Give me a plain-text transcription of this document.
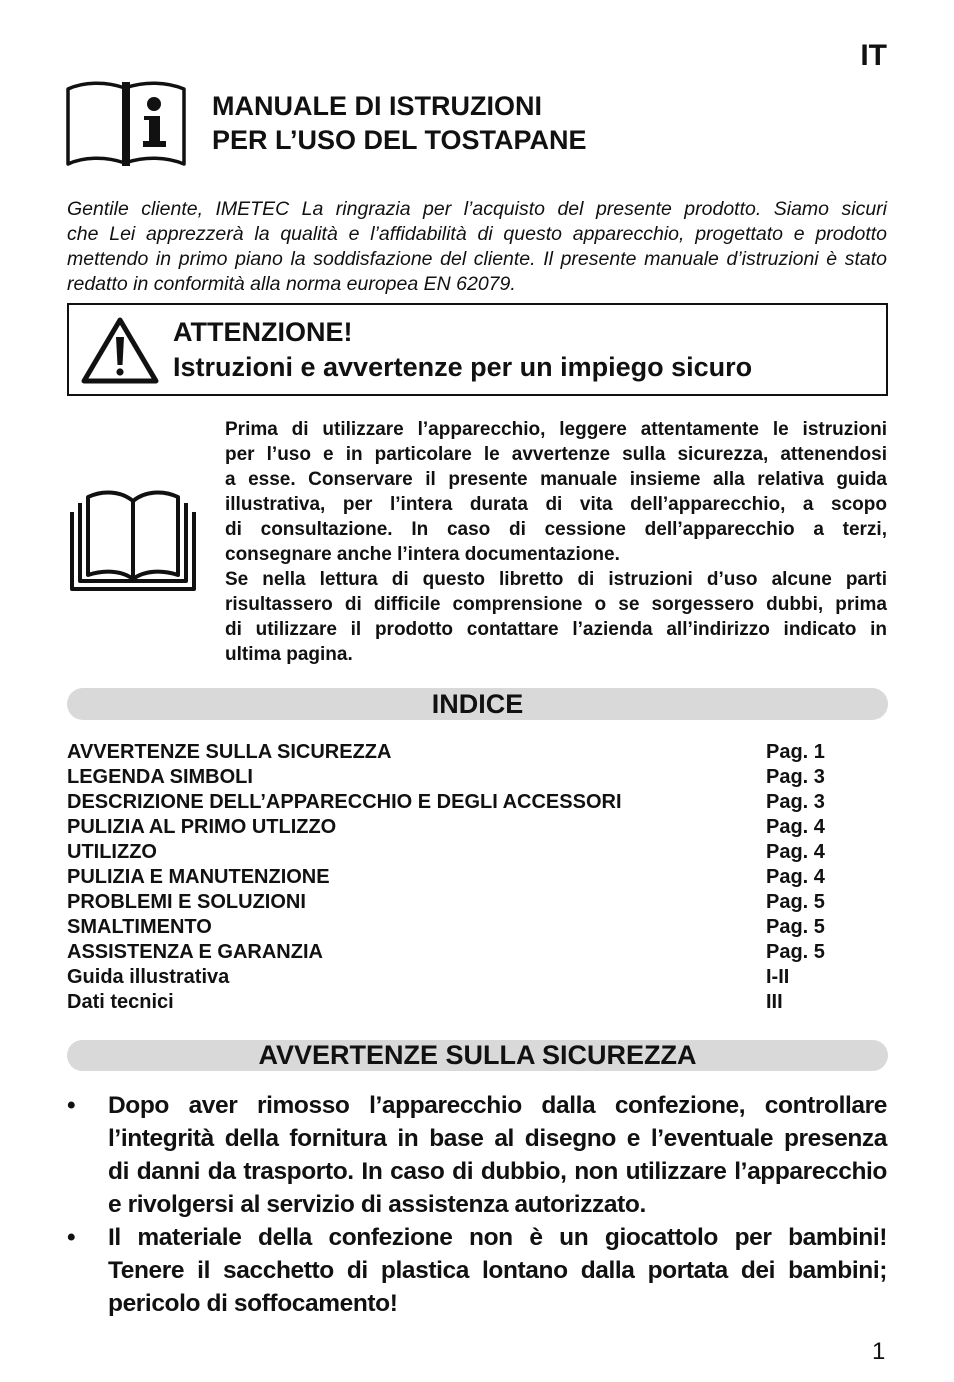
IT
MANUALE DI ISTRUZIONI
PER L’USO DEL TOSTAPANE
Gentile cliente, IMETEC La ringrazia per l’acquisto del presente prodotto. Siamo sicuri
che Lei apprezzerà la qualità e l’affidabilità di questo apparecchio, progettato e prodotto
mettendo in primo piano la soddisfazione del cliente. Il presente manuale d’istruzioni è stato
redatto in conformità alla norma europea EN 62079.
ATTENZIONE!
Istruzioni e avvertenze per un impiego sicuro
Prima di utilizzare l’apparecchio, leggere attentamente le istruzioni
per l’uso e in particolare le avvertenze sulla sicurezza, attenendosi
a esse. Conservare il presente manuale insieme alla relativa guida
illustrativa, per l’intera durata di vita dell’apparecchio, a scopo
di consultazione. In caso di cessione dell’apparecchio a terzi,
consegnare anche l’intera documentazione.
Se nella lettura di questo libretto di istruzioni d’uso alcune parti
risultassero di difficile comprensione o se sorgessero dubbi, prima
di utilizzare il prodotto contattare l’azienda all’indirizzo indicato in
ultima pagina.
INDICE
AVVERTENZE SULLA SICUREZZA	Pag. 1
LEGENDA SIMBOLI	Pag. 3
DESCRIZIONE DELL’APPARECCHIO E DEGLI ACCESSORI	Pag. 3
PULIZIA AL PRIMO UTLIZZO	Pag. 4
UTILIZZO	Pag. 4
PULIZIA E MANUTENZIONE	Pag. 4
PROBLEMI E SOLUZIONI	Pag. 5
SMALTIMENTO	Pag. 5
ASSISTENZA E GARANZIA	Pag. 5
Guida illustrativa	I-II
Dati tecnici	III
AVVERTENZE SULLA SICUREZZA
• Dopo aver rimosso l’apparecchio dalla confezione, controllare
l’integrità della fornitura in base al disegno e l’eventuale presenza
di danni da trasporto. In caso di dubbio, non utilizzare l’apparecchio
e rivolgersi al servizio di assistenza autorizzato.
• Il materiale della confezione non è un giocattolo per bambini!
Tenere il sacchetto di plastica lontano dalla portata dei bambini;
pericolo di soffocamento!
1
